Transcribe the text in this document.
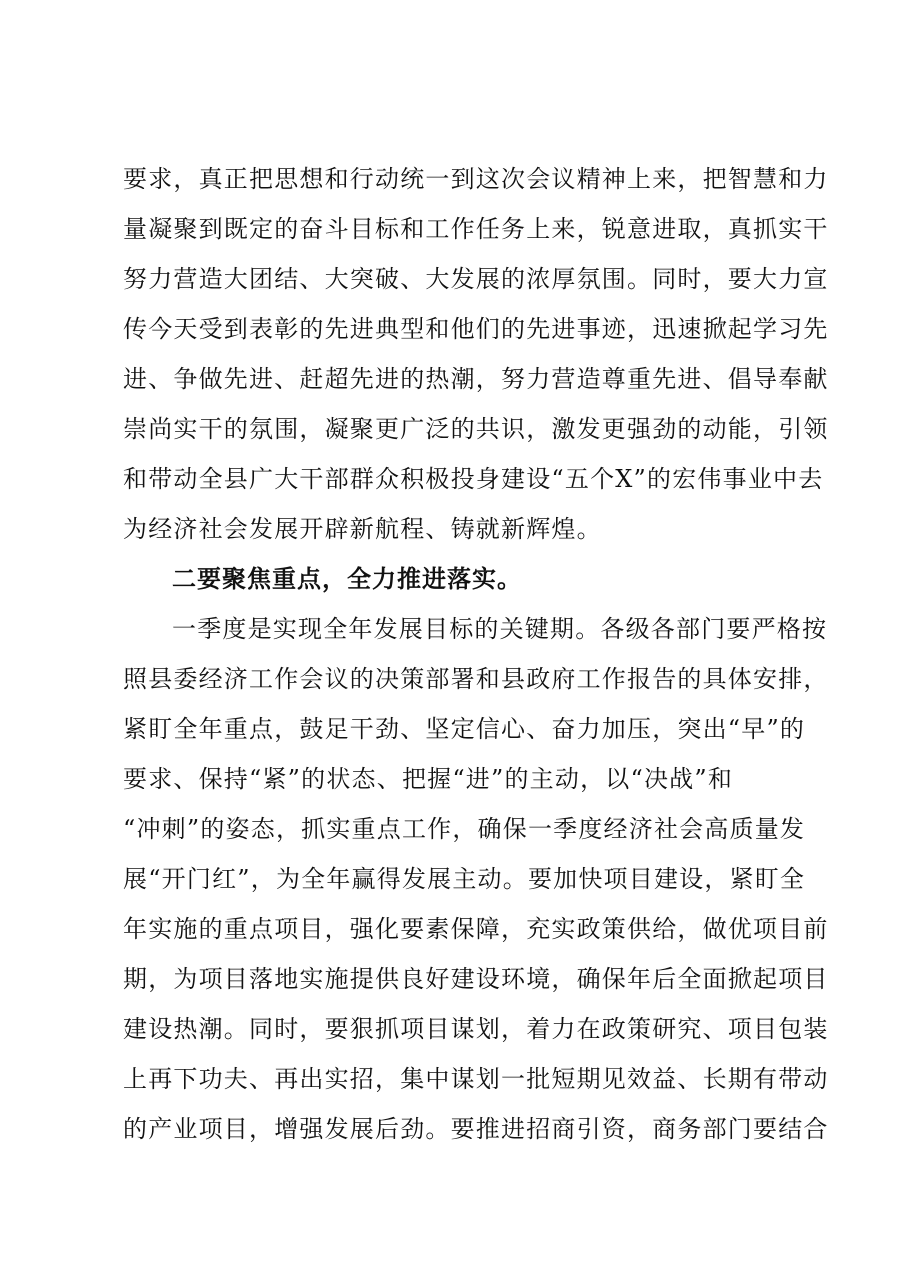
要求，真正把思想和行动统一到这次会议精神上来，把智慧和力
量凝聚到既定的奋斗目标和工作任务上来，锐意进取，真抓实干
努力营造大团结、大突破、大发展的浓厚氛围。同时，要大力宣
传今天受到表彰的先进典型和他们的先进事迹，迅速掀起学习先
进、争做先进、赶超先进的热潮，努力营造尊重先进、倡导奉献
崇尚实干的氛围，凝聚更广泛的共识，激发更强劲的动能，引领
和带动全县广大干部群众积极投身建设“五个X”的宏伟事业中去
为经济社会发展开辟新航程、铸就新辉煌。
二要聚焦重点，全力推进落实。
一季度是实现全年发展目标的关键期。各级各部门要严格按
照县委经济工作会议的决策部署和县政府工作报告的具体安排，
紧盯全年重点，鼓足干劲、坚定信心、奋力加压，突出“早”的
要求、保持“紧”的状态、把握“进”的主动，以“决战”和
“冲刺”的姿态，抓实重点工作，确保一季度经济社会高质量发
展“开门红”，为全年赢得发展主动。要加快项目建设，紧盯全
年实施的重点项目，强化要素保障，充实政策供给，做优项目前
期，为项目落地实施提供良好建设环境，确保年后全面掀起项目
建设热潮。同时，要狠抓项目谋划，着力在政策研究、项目包装
上再下功夫、再出实招，集中谋划一批短期见效益、长期有带动
的产业项目，增强发展后劲。要推进招商引资，商务部门要结合
